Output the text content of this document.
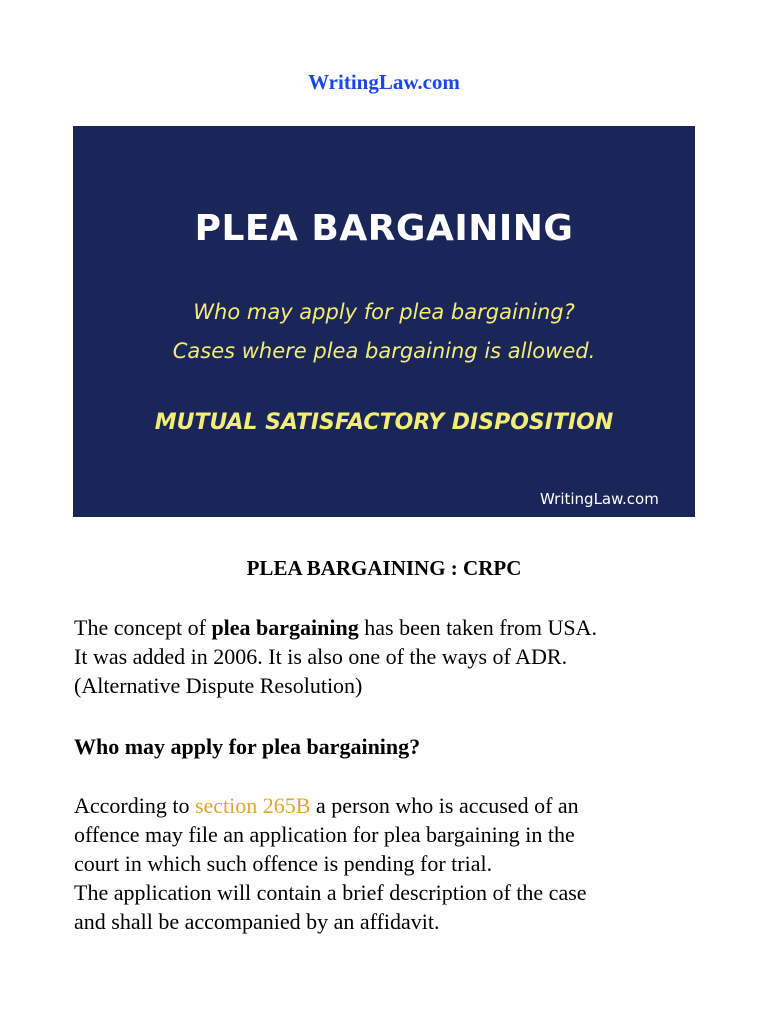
WritingLaw.com
PLEA BARGAINING
Who may apply for plea bargaining?
Cases where plea bargaining is allowed.
MUTUAL SATISFACTORY DISPOSITION
WritingLaw.com
PLEA BARGAINING : CRPC
The concept of plea bargaining has been taken from USA.
It was added in 2006. It is also one of the ways of ADR.
(Alternative Dispute Resolution)
Who may apply for plea bargaining?
According to section 265B a person who is accused of an
offence may file an application for plea bargaining in the
court in which such offence is pending for trial.
The application will contain a brief description of the case
and shall be accompanied by an affidavit.
